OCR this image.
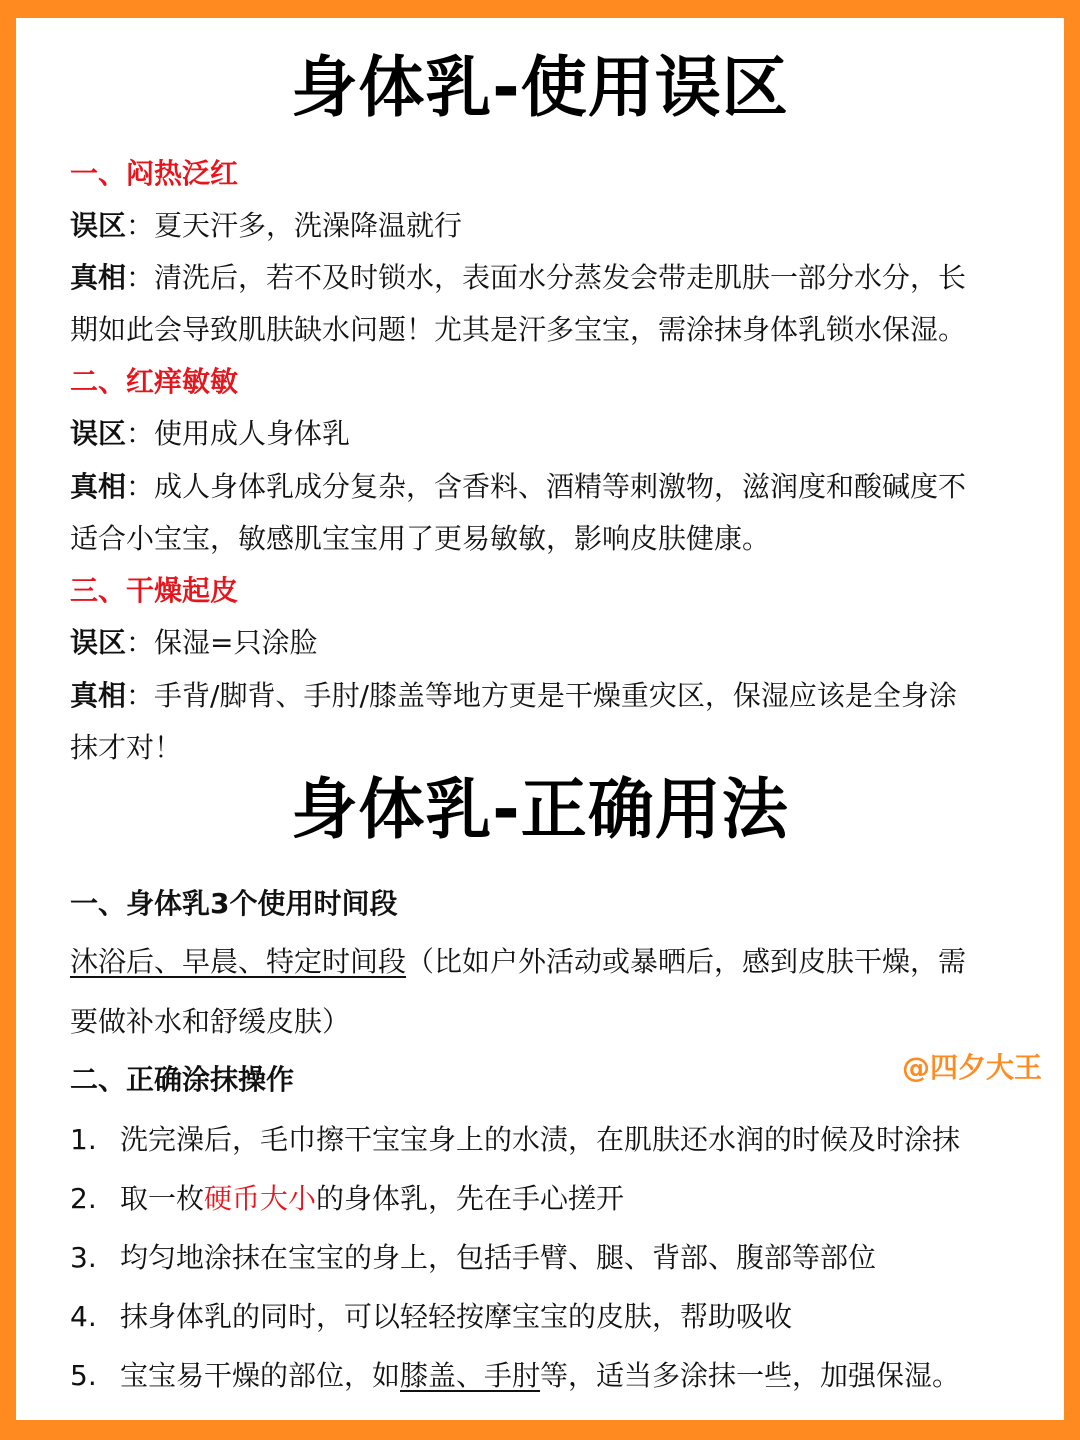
身体乳-使用误区
一、闷热泛红
误区：夏天汗多，洗澡降温就行
真相：清洗后，若不及时锁水，表面水分蒸发会带走肌肤一部分水分，长
期如此会导致肌肤缺水问题！尤其是汗多宝宝，需涂抹身体乳锁水保湿。
二、红痒敏敏
误区：使用成人身体乳
真相：成人身体乳成分复杂，含香料、酒精等刺激物，滋润度和酸碱度不
适合小宝宝，敏感肌宝宝用了更易敏敏，影响皮肤健康。
三、干燥起皮
误区：保湿=只涂脸
真相：手背/脚背、手肘/膝盖等地方更是干燥重灾区，保湿应该是全身涂
抹才对！
身体乳-正确用法
一、身体乳3个使用时间段
沐浴后、早晨、特定时间段（比如户外活动或暴晒后，感到皮肤干燥，需
要做补水和舒缓皮肤）
二、正确涂抹操作	@四夕大王
1. 洗完澡后，毛巾擦干宝宝身上的水渍，在肌肤还水润的时候及时涂抹
2. 取一枚硬币大小的身体乳，先在手心搓开
3. 均匀地涂抹在宝宝的身上，包括手臂、腿、背部、腹部等部位
4. 抹身体乳的同时，可以轻轻按摩宝宝的皮肤，帮助吸收
5. 宝宝易干燥的部位，如膝盖、手肘等，适当多涂抹一些，加强保湿。
